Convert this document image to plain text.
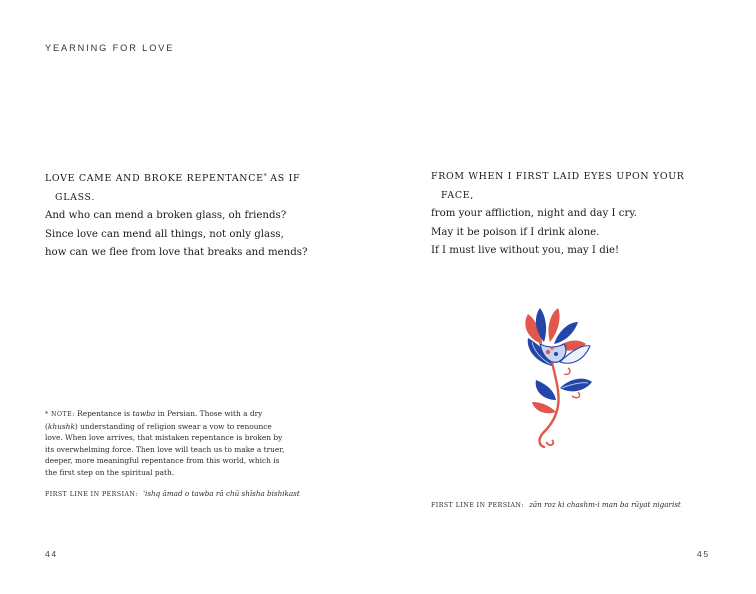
YEARNING FOR LOVE
LOVE CAME AND BROKE REPENTANCE* AS IF
GLASS.
And who can mend a broken glass, oh friends?
Since love can mend all things, not only glass,
how can we flee from love that breaks and mends?
* NOTE: Repentance is tawba in Persian. Those with a dry
(khushk) understanding of religion swear a vow to renounce
love. When love arrives, that mistaken repentance is broken by
its overwhelming force. Then love will teach us to make a truer,
deeper, more meaningful repentance from this world, which is
the first step on the spiritual path.
FIRST LINE IN PERSIAN: 'ishq āmad o tawba rā chū shīsha bishikast
44
FROM WHEN I FIRST LAID EYES UPON YOUR
FACE,
from your affliction, night and day I cry.
May it be poison if I drink alone.
If I must live without you, may I die!
FIRST LINE IN PERSIAN: zān roz ki chashm-i man ba rūyat nigarist
45
